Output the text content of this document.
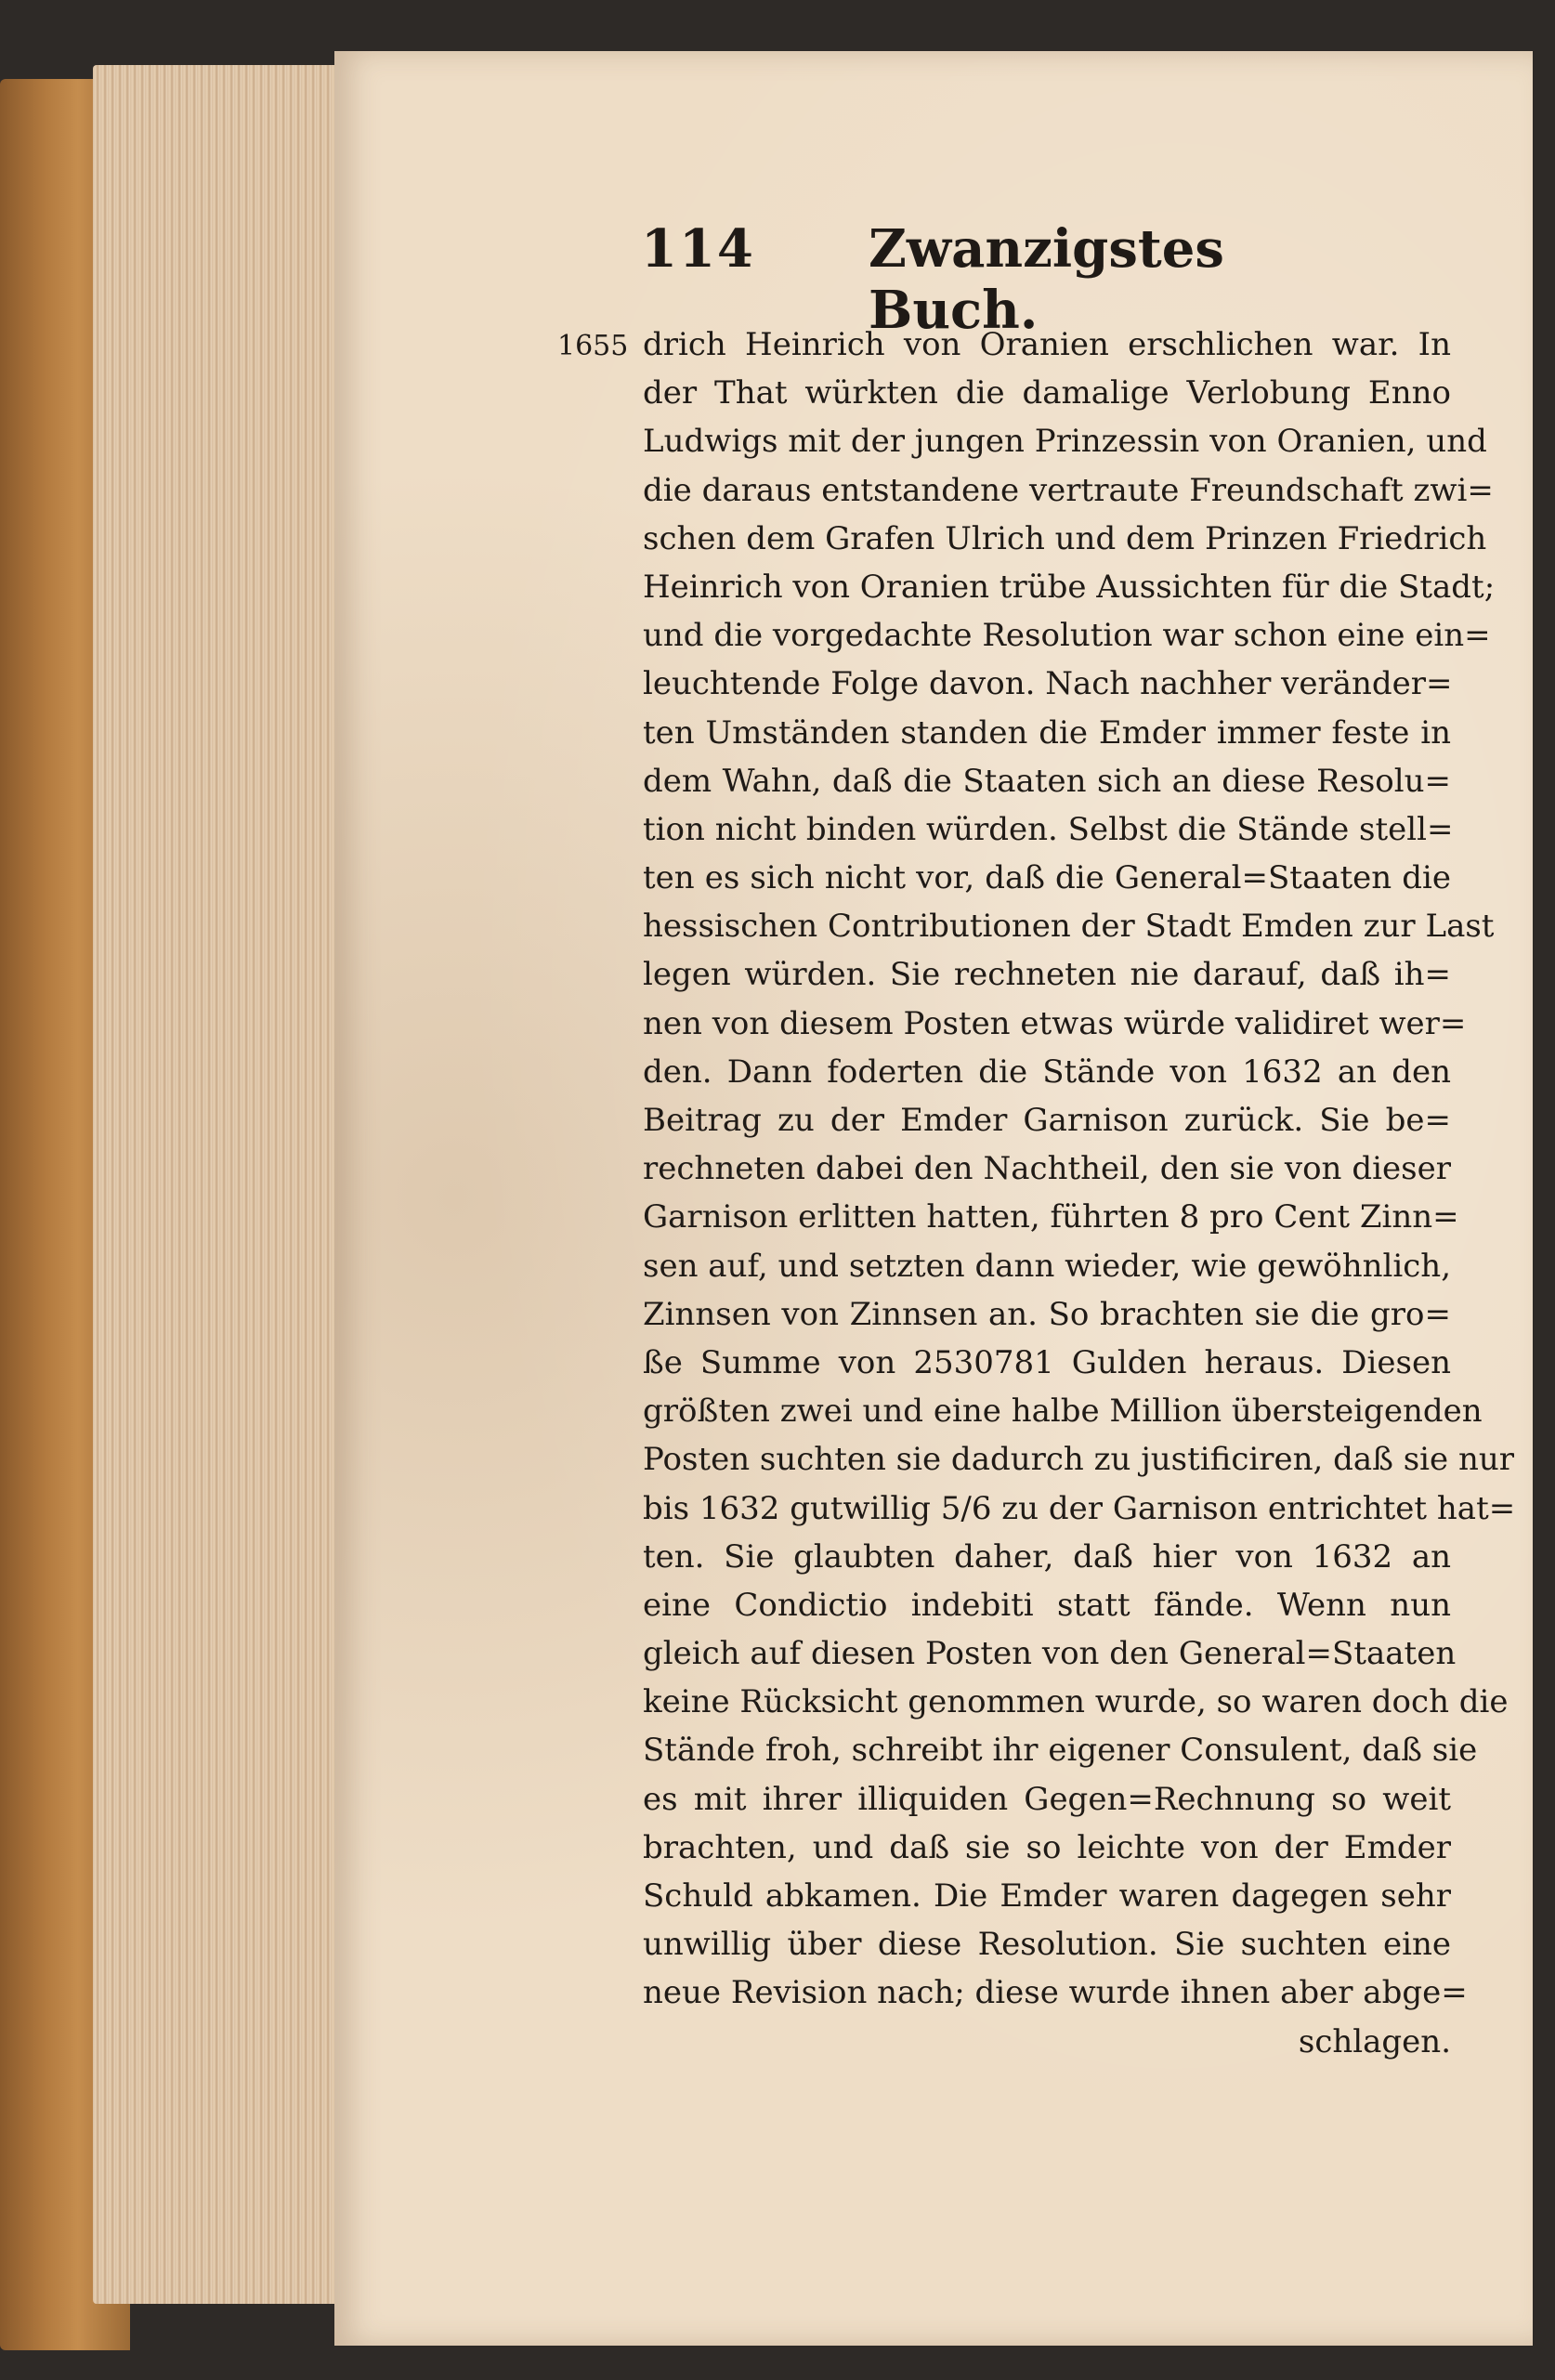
114 Zwanzigstes Buch.
1655 drich Heinrich von Oranien erschlichen war. In
der That würkten die damalige Verlobung Enno
Ludwigs mit der jungen Prinzessin von Oranien, und
die daraus entstandene vertraute Freundschaft zwi=
schen dem Grafen Ulrich und dem Prinzen Friedrich
Heinrich von Oranien trübe Aussichten für die Stadt;
und die vorgedachte Resolution war schon eine ein=
leuchtende Folge davon. Nach nachher veränder=
ten Umständen standen die Emder immer feste in
dem Wahn, daß die Staaten sich an diese Resolu=
tion nicht binden würden. Selbst die Stände stell=
ten es sich nicht vor, daß die General=Staaten die
hessischen Contributionen der Stadt Emden zur Last
legen würden. Sie rechneten nie darauf, daß ih=
nen von diesem Posten etwas würde validiret wer=
den. Dann foderten die Stände von 1632 an den
Beitrag zu der Emder Garnison zurück. Sie be=
rechneten dabei den Nachtheil, den sie von dieser
Garnison erlitten hatten, führten 8 pro Cent Zinn=
sen auf, und setzten dann wieder, wie gewöhnlich,
Zinnsen von Zinnsen an. So brachten sie die gro=
ße Summe von 2530781 Gulden heraus. Diesen
größten zwei und eine halbe Million übersteigenden
Posten suchten sie dadurch zu justificiren, daß sie nur
bis 1632 gutwillig 5/6 zu der Garnison entrichtet hat=
ten. Sie glaubten daher, daß hier von 1632 an
eine Condictio indebiti statt fände. Wenn nun
gleich auf diesen Posten von den General=Staaten
keine Rücksicht genommen wurde, so waren doch die
Stände froh, schreibt ihr eigener Consulent, daß sie
es mit ihrer illiquiden Gegen=Rechnung so weit
brachten, und daß sie so leichte von der Emder
Schuld abkamen. Die Emder waren dagegen sehr
unwillig über diese Resolution. Sie suchten eine
neue Revision nach; diese wurde ihnen aber abge=
schlagen.
